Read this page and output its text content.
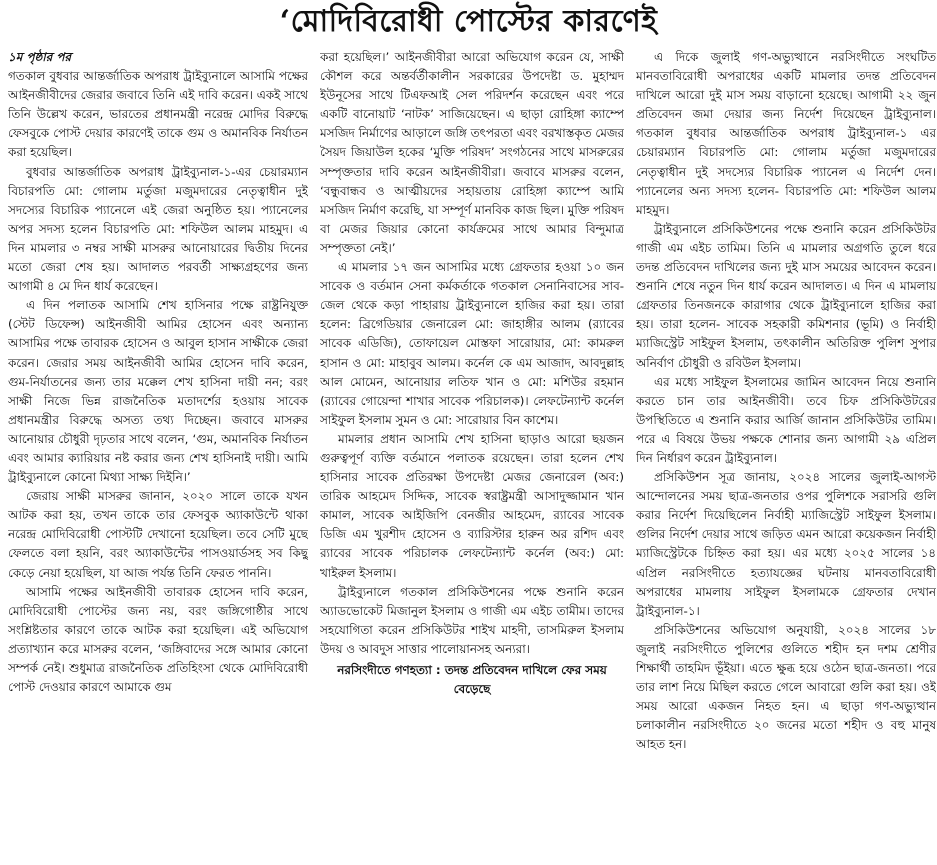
‘মোদিবিরোধী পোস্টের কারণেই

১ম পৃষ্ঠার পর

গতকাল বুধবার আন্তর্জাতিক অপরাধ ট্রাইব্যুনালে আসামি পক্ষের আইনজীবীদের জেরার জবাবে তিনি এই দাবি করেন। একই সাথে তিনি উল্লেখ করেন, ভারতের প্রধানমন্ত্রী নরেন্দ্র মোদির বিরুদ্ধে ফেসবুকে পোস্ট দেয়ার কারণেই তাকে গুম ও অমানবিক নির্যাতন করা হয়েছিল।

বুধবার আন্তর্জাতিক অপরাধ ট্রাইব্যুনাল-১-এর চেয়ারম্যান বিচারপতি মো: গোলাম মর্তুজা মজুমদারের নেতৃত্বাধীন দুই সদস্যের বিচারিক প্যানেলে এই জেরা অনুষ্ঠিত হয়। প্যানেলের অপর সদস্য হলেন বিচারপতি মো: শফিউল আলম মাহমুদ। এ দিন মামলার ৩ নম্বর সাক্ষী মাসরুর আনোয়ারের দ্বিতীয় দিনের মতো জেরা শেষ হয়। আদালত পরবর্তী সাক্ষ্যগ্রহণের জন্য আগামী ৪ মে দিন ধার্য করেছেন।

এ দিন পলাতক আসামি শেখ হাসিনার পক্ষে রাষ্ট্রনিযুক্ত (স্টেট ডিফেন্স) আইনজীবী আমির হোসেন এবং অন্যান্য আসামির পক্ষে তাবারক হোসেন ও আবুল হাসান সাক্ষীকে জেরা করেন। জেরার সময় আইনজীবী আমির হোসেন দাবি করেন, গুম-নির্যাতনের জন্য তার মক্কেল শেখ হাসিনা দায়ী নন; বরং সাক্ষী নিজে ভিন্ন রাজনৈতিক মতাদর্শের হওয়ায় সাবেক প্রধানমন্ত্রীর বিরুদ্ধে অসত্য তথ্য দিচ্ছেন। জবাবে মাসরুর আনোয়ার চৌধুরী দৃঢ়তার সাথে বলেন, ‘গুম, অমানবিক নির্যাতন এবং আমার ক্যারিয়ার নষ্ট করার জন্য শেখ হাসিনাই দায়ী। আমি ট্রাইব্যুনালে কোনো মিথ্যা সাক্ষ্য দিইনি।’

জেরায় সাক্ষী মাসরুর জানান, ২০২০ সালে তাকে যখন আটক করা হয়, তখন তাকে তার ফেসবুক অ্যাকাউন্টে থাকা নরেন্দ্র মোদিবিরোধী পোস্টটি দেখানো হয়েছিল। তবে সেটি মুছে ফেলতে বলা হয়নি, বরং অ্যাকাউন্টের পাসওয়ার্ডসহ সব কিছু কেড়ে নেয়া হয়েছিল, যা আজ পর্যন্ত তিনি ফেরত পাননি।

আসামি পক্ষের আইনজীবী তাবারক হোসেন দাবি করেন, মোদিবিরোধী পোস্টের জন্য নয়, বরং জঙ্গিগোষ্ঠীর সাথে সংশ্লিষ্টতার কারণে তাকে আটক করা হয়েছিল। এই অভিযোগ প্রত্যাখ্যান করে মাসরুর বলেন, ‘জঙ্গিবাদের সঙ্গে আমার কোনো সম্পর্ক নেই। শুধুমাত্র রাজনৈতিক প্রতিহিংসা থেকে মোদিবিরোধী পোস্ট দেওয়ার কারণে আমাকে গুম

করা হয়েছিল।’ আইনজীবীরা আরো অভিযোগ করেন যে, সাক্ষী কৌশল করে অন্তর্বর্তীকালীন সরকারের উপদেষ্টা ড. মুহাম্মদ ইউনূসের সাথে টিএফআই সেল পরিদর্শন করেছেন এবং পরে একটি বানোয়াট ‘নাটক’ সাজিয়েছেন। এ ছাড়া রোহিঙ্গা ক্যাম্পে মসজিদ নির্মাণের আড়ালে জঙ্গি তৎপরতা এবং বরখাস্তকৃত মেজর সৈয়দ জিয়াউল হকের ‘মুক্তি পরিষদ’ সংগঠনের সাথে মাসরুরের সম্পৃক্ততার দাবি করেন আইনজীবীরা। জবাবে মাসরুর বলেন, ‘বন্ধুবান্ধব ও আত্মীয়দের সহায়তায় রোহিঙ্গা ক্যাম্পে আমি মসজিদ নির্মাণ করেছি, যা সম্পূর্ণ মানবিক কাজ ছিল। মুক্তি পরিষদ বা মেজর জিয়ার কোনো কার্যক্রমের সাথে আমার বিন্দুমাত্র সম্পৃক্ততা নেই।’

এ মামলার ১৭ জন আসামির মধ্যে গ্রেফতার হওয়া ১০ জন সাবেক ও বর্তমান সেনা কর্মকর্তাকে গতকাল সেনানিবাসের সাব-জেল থেকে কড়া পাহারায় ট্রাইব্যুনালে হাজির করা হয়। তারা হলেন: ব্রিগেডিয়ার জেনারেল মো: জাহাঙ্গীর আলম (র‍্যাবের সাবেক এডিজি), তোফায়েল মোস্তফা সারোয়ার, মো: কামরুল হাসান ও মো: মাহাবুব আলম। কর্নেল কে এম আজাদ, আবদুল্লাহ আল মোমেন, আনোয়ার লতিফ খান ও মো: মশিউর রহমান (র‍্যাবের গোয়েন্দা শাখার সাবেক পরিচালক)। লেফটেন্যান্ট কর্নেল সাইফুল ইসলাম সুমন ও মো: সারোয়ার বিন কাশেম।

মামলার প্রধান আসামি শেখ হাসিনা ছাড়াও আরো ছয়জন গুরুত্বপূর্ণ ব্যক্তি বর্তমানে পলাতক রয়েছেন। তারা হলেন শেখ হাসিনার সাবেক প্রতিরক্ষা উপদেষ্টা মেজর জেনারেল (অব:) তারিক আহমেদ সিদ্দিক, সাবেক স্বরাষ্ট্রমন্ত্রী আসাদুজ্জামান খান কামাল, সাবেক আইজিপি বেনজীর আহমেদ, র‍্যাবের সাবেক ডিজি এম খুরশীদ হোসেন ও ব্যারিস্টার হারুন অর রশিদ এবং র‍্যাবের সাবেক পরিচালক লেফটেন্যান্ট কর্নেল (অব:) মো: খাইরুল ইসলাম।

ট্রাইব্যুনালে গতকাল প্রসিকিউশনের পক্ষে শুনানি করেন অ্যাডভোকেট মিজানুল ইসলাম ও গাজী এম এইচ তামীম। তাদের সহযোগিতা করেন প্রসিকিউটর শাইখ মাহদী, তাসমিরুল ইসলাম উদয় ও আবদুস সাত্তার পালোয়ানসহ অন্যরা।

নরসিংদীতে গণহত্যা : তদন্ত প্রতিবেদন দাখিলে ফের সময় বেড়েছে

এ দিকে জুলাই গণ-অভ্যুত্থানে নরসিংদীতে সংঘটিত মানবতাবিরোধী অপরাধের একটি মামলার তদন্ত প্রতিবেদন দাখিলে আরো দুই মাস সময় বাড়ানো হয়েছে। আগামী ২২ জুন প্রতিবেদন জমা দেয়ার জন্য নির্দেশ দিয়েছেন ট্রাইব্যুনাল। গতকাল বুধবার আন্তর্জাতিক অপরাধ ট্রাইব্যুনাল-১ এর চেয়ারম্যান বিচারপতি মো: গোলাম মর্তুজা মজুমদারের নেতৃত্বাধীন দুই সদস্যের বিচারিক প্যানেল এ নির্দেশ দেন। প্যানেলের অন্য সদস্য হলেন- বিচারপতি মো: শফিউল আলম মাহমুদ।

ট্রাইব্যুনালে প্রসিকিউশনের পক্ষে শুনানি করেন প্রসিকিউটর গাজী এম এইচ তামিম। তিনি এ মামলার অগ্রগতি তুলে ধরে তদন্ত প্রতিবেদন দাখিলের জন্য দুই মাস সময়ের আবেদন করেন। শুনানি শেষে নতুন দিন ধার্য করেন আদালত। এ দিন এ মামলায় গ্রেফতার তিনজনকে কারাগার থেকে ট্রাইব্যুনালে হাজির করা হয়। তারা হলেন- সাবেক সহকারী কমিশনার (ভূমি) ও নির্বাহী ম্যাজিস্ট্রেট সাইফুল ইসলাম, তৎকালীন অতিরিক্ত পুলিশ সুপার অনির্বাণ চৌধুরী ও রবিউল ইসলাম।

এর মধ্যে সাইফুল ইসলামের জামিন আবেদন নিয়ে শুনানি করতে চান তার আইনজীবী। তবে চিফ প্রসিকিউটরের উপস্থিতিতে এ শুনানি করার আর্জি জানান প্রসিকিউটর তামিম। পরে এ বিষয়ে উভয় পক্ষকে শোনার জন্য আগামী ২৯ এপ্রিল দিন নির্ধারণ করেন ট্রাইব্যুনাল।

প্রসিকিউশন সূত্র জানায়, ২০২৪ সালের জুলাই-আগস্ট আন্দোলনের সময় ছাত্র-জনতার ওপর পুলিশকে সরাসরি গুলি করার নির্দেশ দিয়েছিলেন নির্বাহী ম্যাজিস্ট্রেট সাইফুল ইসলাম। গুলির নির্দেশ দেয়ার সাথে জড়িত এমন আরো কয়েকজন নির্বাহী ম্যাজিস্ট্রেটকে চিহ্নিত করা হয়। এর মধ্যে ২০২৫ সালের ১৪ এপ্রিল নরসিংদীতে হত্যাযজ্ঞের ঘটনায় মানবতাবিরোধী অপরাধের মামলায় সাইফুল ইসলামকে গ্রেফতার দেখান ট্রাইব্যুনাল-১।

প্রসিকিউশনের অভিযোগ অনুযায়ী, ২০২৪ সালের ১৮ জুলাই নরসিংদীতে পুলিশের গুলিতে শহীদ হন দশম শ্রেণীর শিক্ষার্থী তাহমিদ ভূঁইয়া। এতে ক্ষুব্ধ হয়ে ওঠেন ছাত্র-জনতা। পরে তার লাশ নিয়ে মিছিল করতে গেলে আবারো গুলি করা হয়। ওই সময় আরো একজন নিহত হন। এ ছাড়া গণ-অভ্যুত্থান চলাকালীন নরসিংদীতে ২০ জনের মতো শহীদ ও বহু মানুষ আহত হন।
